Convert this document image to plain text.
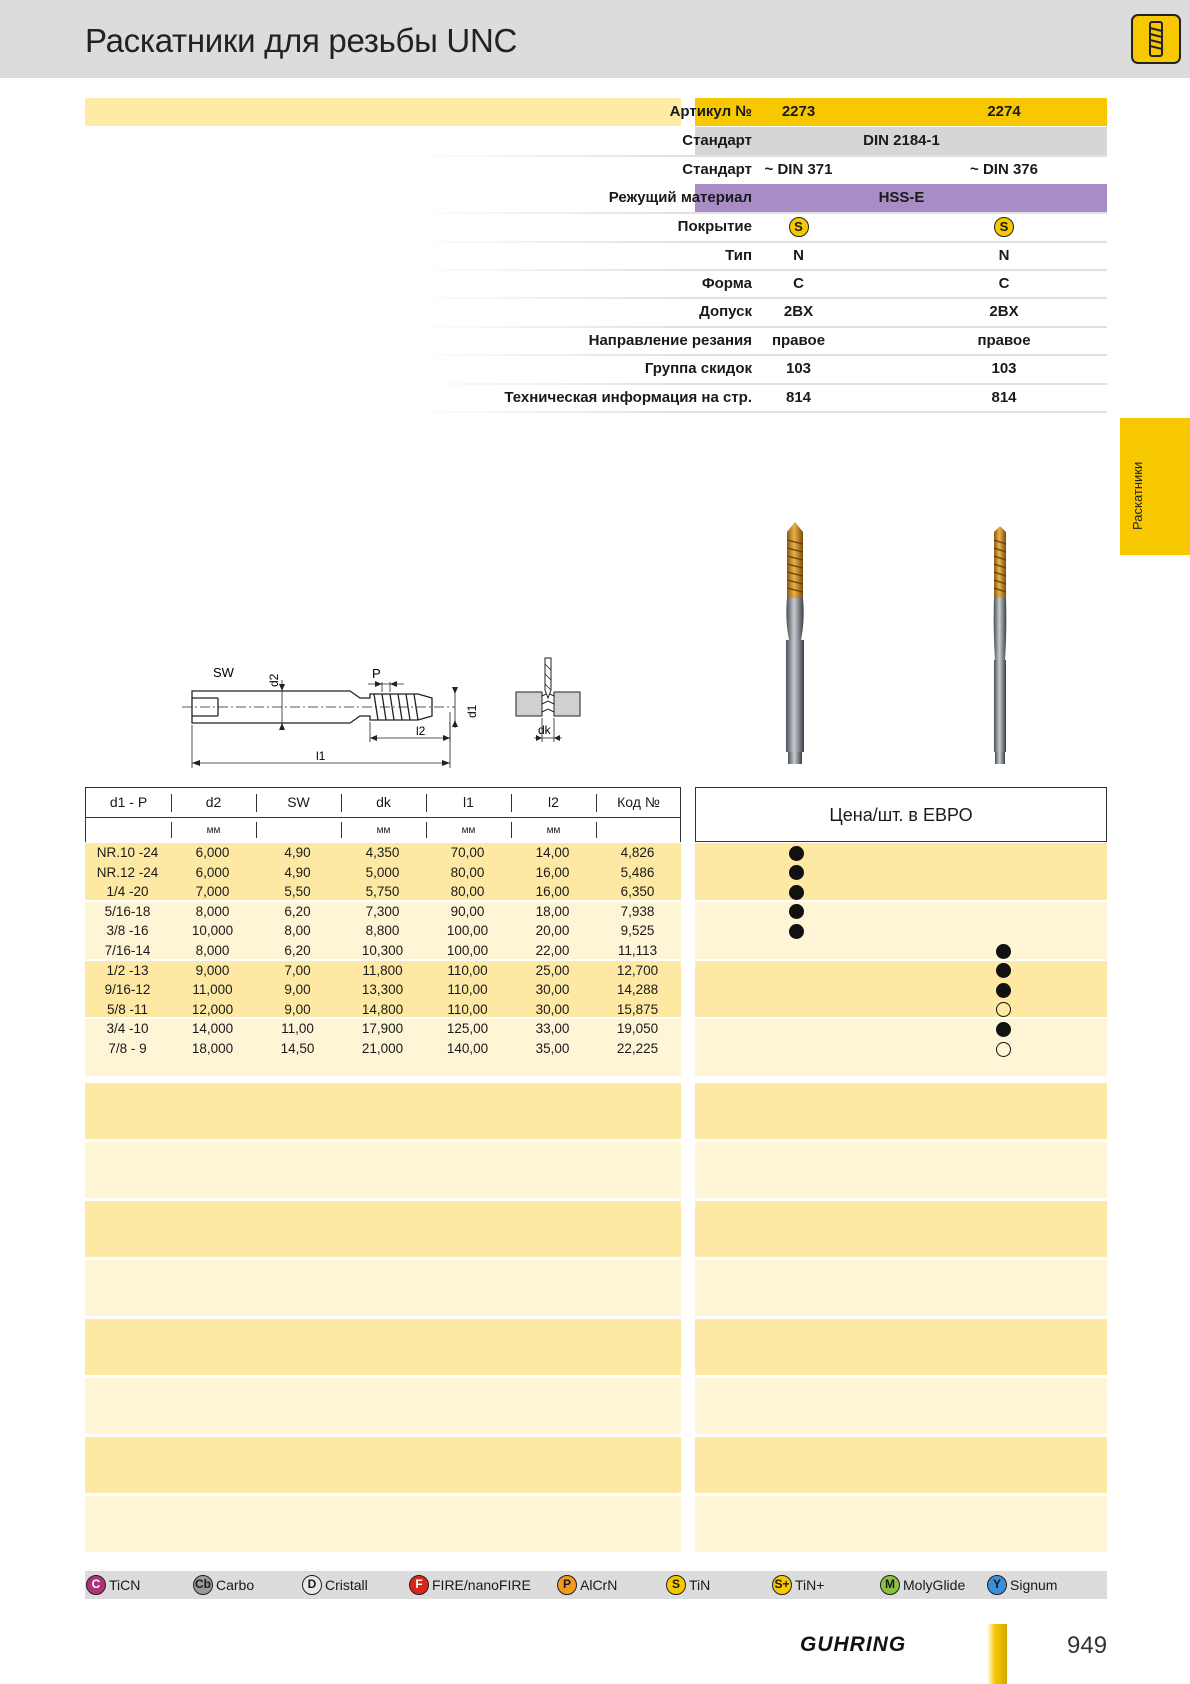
Раскатники для резьбы UNC
Раскатники
Артикул №	2273	2274
Стандарт	DIN 2184-1
Стандарт ~ DIN 371	~ DIN 376
Режущий материал	HSS-E
Покрытие	S	S
Тип	N	N
Форма	C	C
Допуск	2BX	2BX
Направление резания	правое	правое
Группа скидок	103	103
Техническая информация на стр.	814	814
SW
d2	P
d1
l2
l1
dk
d1 - P	d2	SW	dk	l1	l2	Код №
мм	мм	мм	мм
Цена/шт. в ЕВРО
NR.10 -24	6,000	4,90	4,350	70,00	14,00	4,826
NR.12 -24	6,000	4,90	5,000	80,00	16,00	5,486
1/4 -20	7,000	5,50	5,750	80,00	16,00	6,350
5/16-18	8,000	6,20	7,300	90,00	18,00	7,938
3/8 -16	10,000	8,00	8,800	100,00	20,00	9,525
7/16-14	8,000	6,20	10,300	100,00	22,00	11,113
1/2 -13	9,000	7,00	11,800	110,00	25,00	12,700
9/16-12	11,000	9,00	13,300	110,00	30,00	14,288
5/8 -11	12,000	9,00	14,800	110,00	30,00	15,875
3/4 -10	14,000	11,00	17,900	125,00	33,00	19,050
7/8 - 9	18,000	14,50	21,000	140,00	35,00	22,225
C TiCN	Cb Carbo	D Cristall	F FIRE/nanoFIRE	P AlCrN	S TiN	S+ TiN+	M MolyGlide	Y Signum
GUHRING	949
